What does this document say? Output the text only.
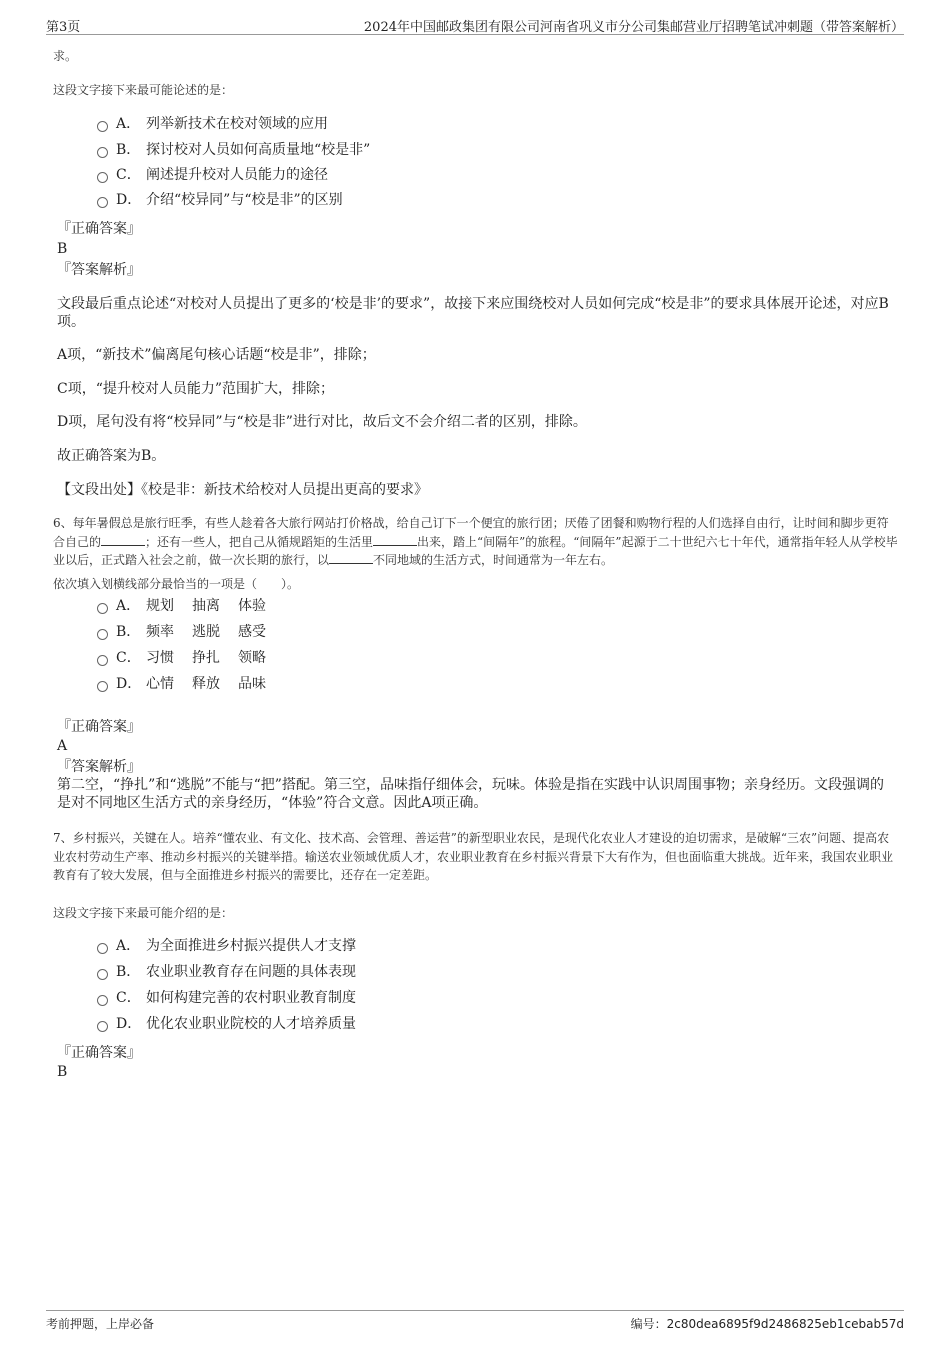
第3页	2024年中国邮政集团有限公司河南省巩义市分公司集邮营业厅招聘笔试冲刺题（带答案解析）
求。
这段文字接下来最可能论述的是：
A． 列举新技术在校对领域的应用
B． 探讨校对人员如何高质量地“校是非”
C． 阐述提升校对人员能力的途径
D． 介绍“校异同”与“校是非”的区别
『正确答案』
B
『答案解析』
文段最后重点论述“对校对人员提出了更多的‘校是非’的要求”，故接下来应围绕校对人员如何完成“校是非”的要求具体展开论述，对应B项。
A项，“新技术”偏离尾句核心话题“校是非”，排除；
C项，“提升校对人员能力”范围扩大，排除；
D项，尾句没有将“校异同”与“校是非”进行对比，故后文不会介绍二者的区别，排除。
故正确答案为B。
【文段出处】《校是非：新技术给校对人员提出更高的要求》
6、每年暑假总是旅行旺季，有些人趁着各大旅行网站打价格战，给自己订下一个便宜的旅行团；厌倦了团餐和购物行程的人们选择自由行，让时间和脚步更符合自己的	；还有一些人，把自己从循规蹈矩的生活里	出来，踏上“间隔年”的旅程。“间隔年”起源于二十世纪六七十年代，通常指年轻人从学校毕业以后，正式踏入社会之前，做一次长期的旅行，以	不同地域的生活方式，时间通常为一年左右。
依次填入划横线部分最恰当的一项是（　　）。
A． 规划 抽离 体验
B． 频率 逃脱 感受
C． 习惯 挣扎 领略
D． 心情 释放 品味
『正确答案』
A
『答案解析』
第二空，“挣扎”和“逃脱”不能与“把”搭配。第三空，品味指仔细体会，玩味。体验是指在实践中认识周围事物；亲身经历。文段强调的是对不同地区生活方式的亲身经历，“体验”符合文意。因此A项正确。
7、乡村振兴，关键在人。培养“懂农业、有文化、技术高、会管理、善运营”的新型职业农民，是现代化农业人才建设的迫切需求，是破解“三农”问题、提高农业农村劳动生产率、推动乡村振兴的关键举措。输送农业领域优质人才，农业职业教育在乡村振兴背景下大有作为，但也面临重大挑战。近年来，我国农业职业教育有了较大发展，但与全面推进乡村振兴的需要比，还存在一定差距。
这段文字接下来最可能介绍的是：
A． 为全面推进乡村振兴提供人才支撑
B． 农业职业教育存在问题的具体表现
C． 如何构建完善的农村职业教育制度
D． 优化农业职业院校的人才培养质量
『正确答案』
B
考前押题，上岸必备	编号：2c80dea6895f9d2486825eb1cebab57d
